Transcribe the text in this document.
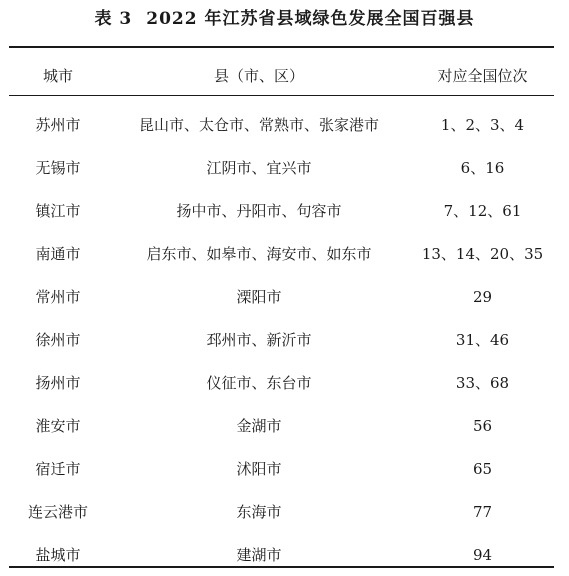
表 3 2022 年江苏省县域绿色发展全国百强县
城市	县（市、区）	对应全国位次
苏州市	昆山市、太仓市、常熟市、张家港市	1、2、3、4
无锡市	江阴市、宜兴市	6、16
镇江市	扬中市、丹阳市、句容市	7、12、61
南通市	启东市、如皋市、海安市、如东市	13、14、20、35
常州市	溧阳市	29
徐州市	邳州市、新沂市	31、46
扬州市	仪征市、东台市	33、68
淮安市	金湖市	56
宿迁市	沭阳市	65
连云港市	东海市	77
盐城市	建湖市	94
